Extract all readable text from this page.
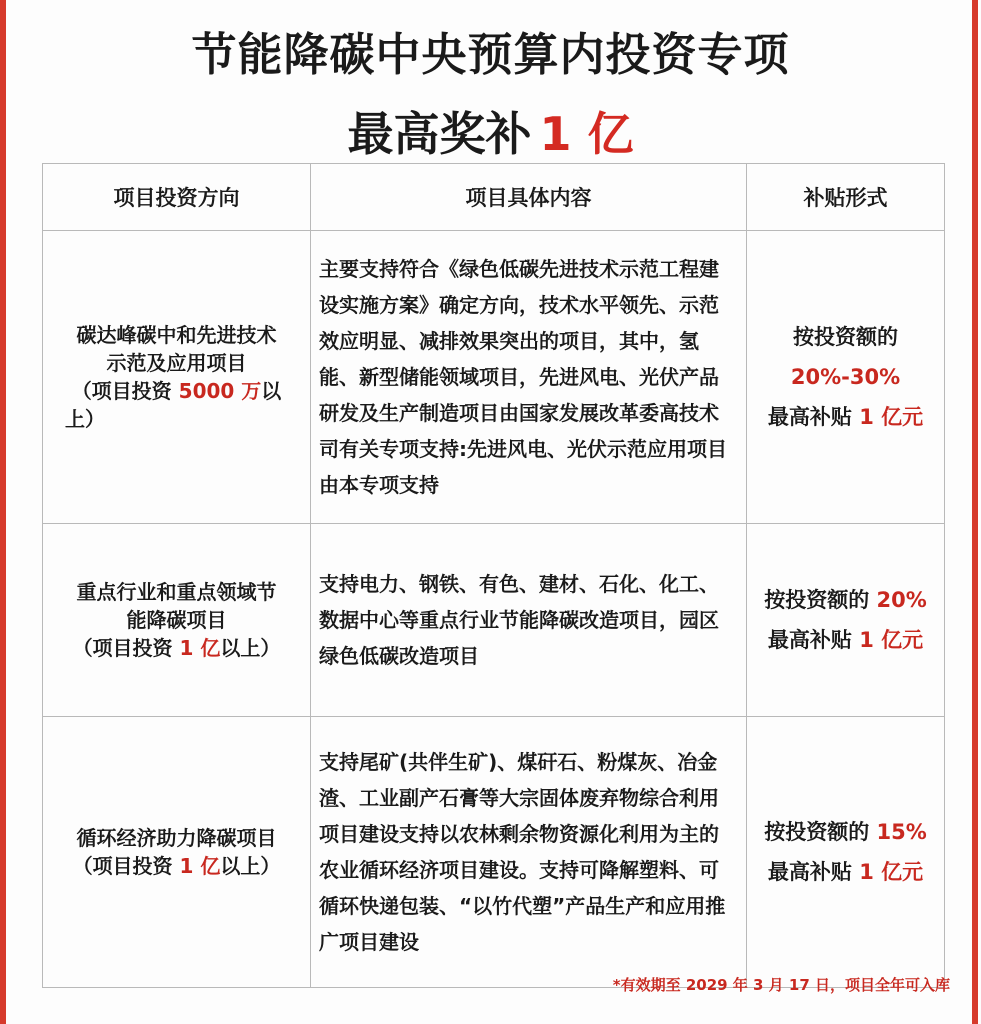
节能降碳中央预算内投资专项
最高奖补 1 亿
项目投资方向	项目具体内容	补贴形式

碳达峰碳中和先进技术
示范及应用项目
（项目投资 5000 万以
上）	主要支持符合《绿色低碳先进技术示范工程建设实施方案》确定方向，技术水平领先、示范效应明显、减排效果突出的项目，其中，氢能、新型储能领域项目，先进风电、光伏产品研发及生产制造项目由国家发展改革委高技术司有关专项支持:先进风电、光伏示范应用项目由本专项支持	按投资额的
20%-30%
最高补贴 1 亿元

重点行业和重点领域节
能降碳项目
（项目投资 1 亿以上）	支持电力、钢铁、有色、建材、石化、化工、数据中心等重点行业节能降碳改造项目，园区绿色低碳改造项目	按投资额的 20%
最高补贴 1 亿元

循环经济助力降碳项目
（项目投资 1 亿以上）	支持尾矿(共伴生矿)、煤矸石、粉煤灰、冶金渣、工业副产石膏等大宗固体废弃物综合利用项目建设支持以农林剩余物资源化利用为主的农业循环经济项目建设。支持可降解塑料、可循环快递包装、“以竹代塑”产品生产和应用推广项目建设	按投资额的 15%
最高补贴 1 亿元
*有效期至 2029 年 3 月 17 日，项目全年可入库
